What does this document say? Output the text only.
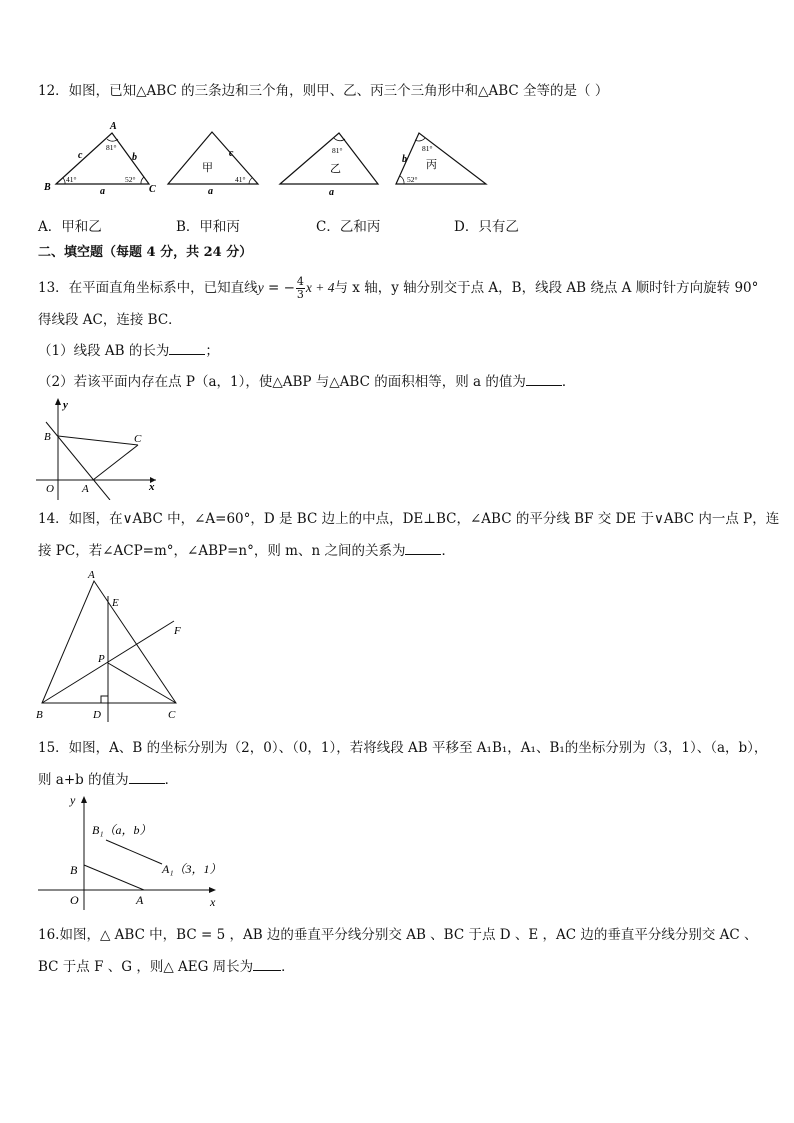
12．如图，已知△ABC 的三条边和三个角，则甲、乙、丙三个三角形中和△ABC 全等的是（ ）
A
B	C
c	b
a
81°
41°	52°
甲
c
a
41°
81°
乙
a
81°
丙
b
52°
A．甲和乙	B．甲和丙	C．乙和丙	D．只有乙
二、填空题（每题 4 分，共 24 分）
13．在平面直角坐标系中，已知直线y = − $\frac{4}{3}$ x + 4与 x 轴，y 轴分别交于点 A，B，线段 AB 绕点 A 顺时针方向旋转 90°
得线段 AC，连接 BC．
（1）线段 AB 的长为	；
（2）若该平面内存在点 P（a，1），使△ABP 与△ABC 的面积相等，则 a 的值为	．
y
x
O	A
B	C
14．如图，在∨ABC 中，∠A=60°，D 是 BC 边上的中点，DE⊥BC，∠ABC 的平分线 BF 交 DE 于∨ABC 内一点 P，连
接 PC，若∠ACP=m°，∠ABP=n°，则 m、n 之间的关系为	．
A
E
F
P
B	D	C
15．如图，A、B 的坐标分别为（2，0）、（0，1），若将线段 AB 平移至 A₁B₁，A₁、B₁的坐标分别为（3，1）、（a，b），
则 a+b 的值为	．
y
x
O	A
B
B₁（a，b）
A₁（3，1）
16.如图，△ ABC 中，BC = 5 ，AB 边的垂直平分线分别交 AB 、BC 于点 D 、E ，AC 边的垂直平分线分别交 AC 、
BC 于点 F 、G ，则△ AEG 周长为 ．
